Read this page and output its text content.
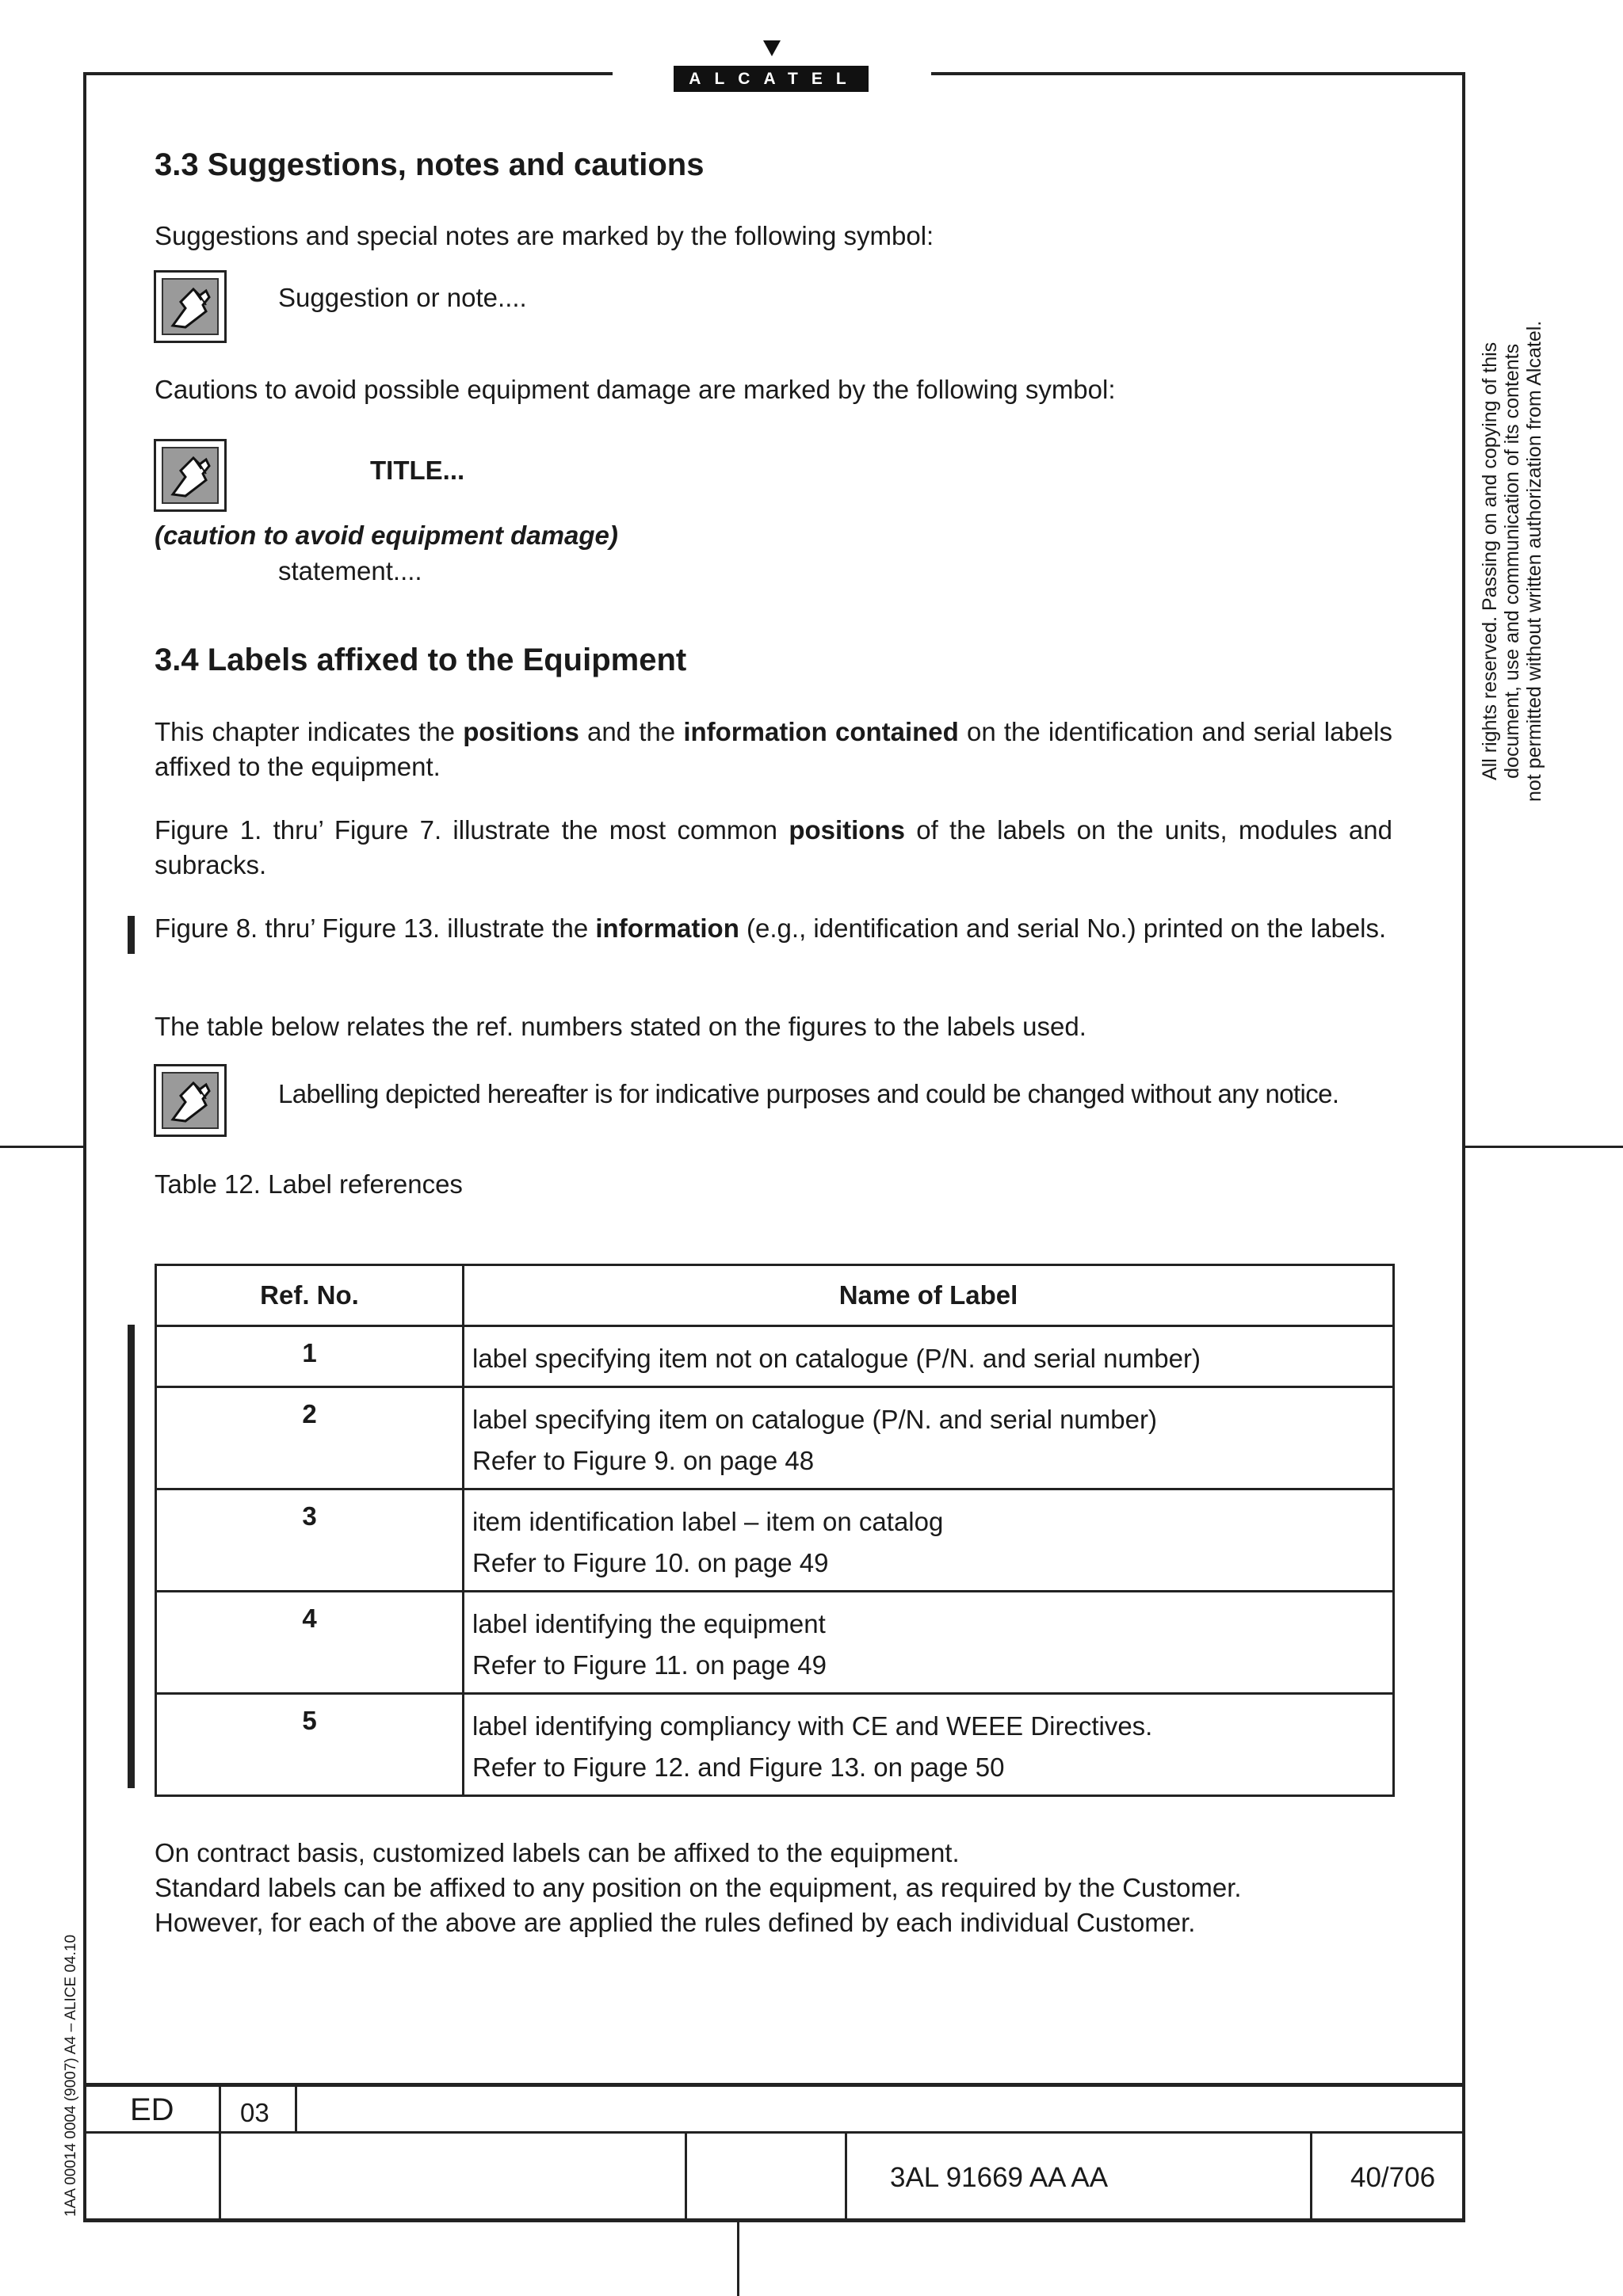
ALCATEL
All rights reserved. Passing on and copying of this document, use and communication of its contents not permitted without written authorization from Alcatel.
1AA 00014 0004 (9007) A4 – ALICE 04.10
3.3 Suggestions, notes and cautions
Suggestions and special notes are marked by the following symbol:
Suggestion or note....
Cautions to avoid possible equipment damage are marked by the following symbol:
TITLE...
(caution to avoid equipment damage)
statement....
3.4 Labels affixed to the Equipment
This chapter indicates the positions and the information contained on the identification and serial labels affixed to the equipment.
Figure 1. thru’ Figure 7. illustrate the most common positions of the labels on the units, modules and subracks.
Figure 8. thru’ Figure 13. illustrate the information (e.g., identification and serial No.) printed on the labels.
The table below relates the ref. numbers stated on the figures to the labels used.
Labelling depicted hereafter is for indicative purposes and could be changed without any notice.
Table 12. Label references
Ref. No.	Name of Label
1	label specifying item not on catalogue (P/N. and serial number)

2	label specifying item on catalogue (P/N. and serial number)
Refer to Figure 9. on page 48

3	item identification label – item on catalog
Refer to Figure 10. on page 49

4	label identifying the equipment
Refer to Figure 11. on page 49

5	label identifying compliancy with CE and WEEE Directives.
Refer to Figure 12. and Figure 13. on page 50
On contract basis, customized labels can be affixed to the equipment.
Standard labels can be affixed to any position on the equipment, as required by the Customer.
However, for each of the above are applied the rules defined by each individual Customer.
ED	03
3AL 91669 AA AA	40/706
